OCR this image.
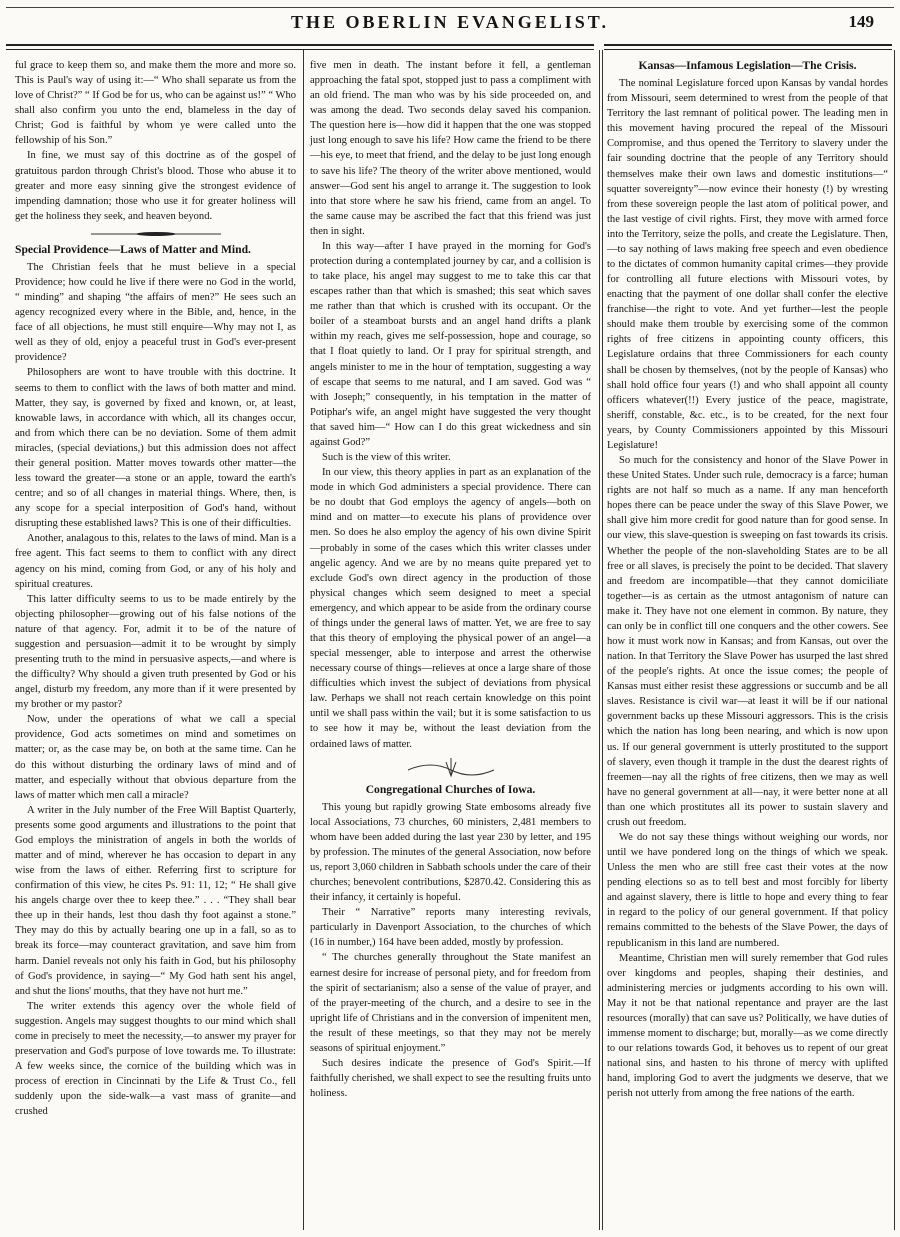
THE OBERLIN EVANGELIST.	149

ful grace to keep them so, and make them the more and more so. This is Paul's way of using it:—“ Who shall separate us from the love of Christ?” “ If God be for us, who can be against us!” “ Who shall also confirm you unto the end, blameless in the day of Christ; God is faithful by whom ye were called unto the fellowship of his Son.”

In fine, we must say of this doctrine as of the gospel of gratuitous pardon through Christ's blood. Those who abuse it to greater and more easy sinning give the strongest evidence of impending damnation; those who use it for greater holiness will get the holiness they seek, and heaven beyond.

Special Providence—Laws of Matter and Mind.

The Christian feels that he must believe in a special Providence; how could he live if there were no God in the world, “ minding” and shaping “the affairs of men?” He sees such an agency recognized every where in the Bible, and, hence, in the face of all objections, he must still enquire—Why may not I, as well as they of old, enjoy a peaceful trust in God's ever-present providence?

Philosophers are wont to have trouble with this doctrine. It seems to them to conflict with the laws of both matter and mind. Matter, they say, is governed by fixed and known, or, at least, knowable laws, in accordance with which, all its changes occur, and from which there can be no deviation. Some of them admit miracles, (special deviations,) but this admission does not affect their general position. Matter moves towards other matter—the less toward the greater—a stone or an apple, toward the earth's centre; and so of all changes in material things. Where, then, is any scope for a special interposition of God's hand, without disrupting these established laws? This is one of their difficulties.

Another, analagous to this, relates to the laws of mind. Man is a free agent. This fact seems to them to conflict with any direct agency on his mind, coming from God, or any of his holy and spiritual creatures.

This latter difficulty seems to us to be made entirely by the objecting philosopher—growing out of his false notions of the nature of that agency. For, admit it to be of the nature of suggestion and persuasion—admit it to be wrought by simply presenting truth to the mind in persuasive aspects,—and where is the difficulty? Why should a given truth presented by God or his angel, disturb my freedom, any more than if it were presented by my brother or my pastor?

Now, under the operations of what we call a special providence, God acts sometimes on mind and sometimes on matter; or, as the case may be, on both at the same time. Can he do this without disturbing the ordinary laws of mind and of matter, and especially without that obvious departure from the laws of matter which men call a miracle?

A writer in the July number of the Free Will Baptist Quarterly, presents some good arguments and illustrations to the point that God employs the ministration of angels in both the worlds of matter and of mind, wherever he has occasion to depart in any wise from the laws of either. Referring first to scripture for confirmation of this view, he cites Ps. 91: 11, 12; “ He shall give his angels charge over thee to keep thee.” . . . “They shall bear thee up in their hands, lest thou dash thy foot against a stone.” They may do this by actually bearing one up in a fall, so as to break its force—may counteract gravitation, and save him from harm. Daniel reveals not only his faith in God, but his philosophy of God's providence, in saying—“ My God hath sent his angel, and shut the lions' mouths, that they have not hurt me.”

The writer extends this agency over the whole field of suggestion. Angels may suggest thoughts to our mind which shall come in precisely to meet the necessity,—to answer my prayer for preservation and God's purpose of love towards me. To illustrate: A few weeks since, the cornice of the building which was in process of erection in Cincinnati by the Life & Trust Co., fell suddenly upon the side-walk—a vast mass of granite—and crushed

five men in death. The instant before it fell, a gentleman approaching the fatal spot, stopped just to pass a compliment with an old friend. The man who was by his side proceeded on, and was among the dead. Two seconds delay saved his companion. The question here is—how did it happen that the one was stopped just long enough to save his life? How came the friend to be there—his eye, to meet that friend, and the delay to be just long enough to save his life? The theory of the writer above mentioned, would answer—God sent his angel to arrange it. The suggestion to look into that store where he saw his friend, came from an angel. To the same cause may be ascribed the fact that this friend was just then in sight.

In this way—after I have prayed in the morning for God's protection during a contemplated journey by car, and a collision is to take place, his angel may suggest to me to take this car that escapes rather than that which is smashed; this seat which saves me rather than that which is crushed with its occupant. Or the boiler of a steamboat bursts and an angel hand drifts a plank within my reach, gives me self-possession, hope and courage, so that I float quietly to land. Or I pray for spiritual strength, and angels minister to me in the hour of temptation, suggesting a way of escape that seems to me natural, and I am saved. God was “ with Joseph;” consequently, in his temptation in the matter of Potiphar's wife, an angel might have suggested the very thought that saved him—“ How can I do this great wickedness and sin against God?”

Such is the view of this writer.

In our view, this theory applies in part as an explanation of the mode in which God administers a special providence. There can be no doubt that God employs the agency of angels—both on mind and on matter—to execute his plans of providence over men. So does he also employ the agency of his own divine Spirit—probably in some of the cases which this writer classes under angelic agency. And we are by no means quite prepared yet to exclude God's own direct agency in the production of those physical changes which seem designed to meet a special emergency, and which appear to be aside from the ordinary course of things under the general laws of matter. Yet, we are free to say that this theory of employing the physical power of an angel—a special messenger, able to interpose and arrest the otherwise necessary course of things—relieves at once a large share of those difficulties which invest the subject of deviations from physical law. Perhaps we shall not reach certain knowledge on this point until we shall pass within the vail; but it is some satisfaction to us to see how it may be, without the least deviation from the ordained laws of matter.

Congregational Churches of Iowa.

This young but rapidly growing State embosoms already five local Associations, 73 churches, 60 ministers, 2,481 members to whom have been added during the last year 230 by letter, and 195 by profession. The minutes of the general Association, now before us, report 3,060 children in Sabbath schools under the care of their churches; benevolent contributions, $2870.42. Considering this as their infancy, it certainly is hopeful.

Their “ Narrative” reports many interesting revivals, particularly in Davenport Association, to the churches of which (16 in number,) 164 have been added, mostly by profession.

“ The churches generally throughout the State manifest an earnest desire for increase of personal piety, and for freedom from the spirit of sectarianism; also a sense of the value of prayer, and of the prayer-meeting of the church, and a desire to see in the upright life of Christians and in the conversion of impenitent men, the result of these meetings, so that they may not be merely seasons of spiritual enjoyment.”

Such desires indicate the presence of God's Spirit.—If faithfully cherished, we shall expect to see the resulting fruits unto holiness.

Kansas—Infamous Legislation—The Crisis.

The nominal Legislature forced upon Kansas by vandal hordes from Missouri, seem determined to wrest from the people of that Territory the last remnant of political power. The leading men in this movement having procured the repeal of the Missouri Compromise, and thus opened the Territory to slavery under the fair sounding doctrine that the people of any Territory should themselves make their own laws and domestic institutions—“ squatter sovereignty”—now evince their honesty (!) by wresting from these sovereign people the last atom of political power, and the last vestige of civil rights. First, they move with armed force into the Territory, seize the polls, and create the Legislature. Then, —to say nothing of laws making free speech and even obedience to the dictates of common humanity capital crimes—they provide for controlling all future elections with Missouri votes, by enacting that the payment of one dollar shall confer the elective franchise—the right to vote. And yet further—lest the people should make them trouble by exercising some of the common rights of free citizens in appointing county officers, this Legislature ordains that three Commissioners for each county shall be chosen by themselves, (not by the people of Kansas) who shall hold office four years (!) and who shall appoint all county officers whatever(!!) Every justice of the peace, magistrate, sheriff, constable, &c. etc., is to be created, for the next four years, by County Commissioners appointed by this Missouri Legislature!

So much for the consistency and honor of the Slave Power in these United States. Under such rule, democracy is a farce; human rights are not half so much as a name. If any man henceforth hopes there can be peace under the sway of this Slave Power, we shall give him more credit for good nature than for good sense. In our view, this slave-question is sweeping on fast towards its crisis. Whether the people of the non-slaveholding States are to be all free or all slaves, is precisely the point to be decided. That slavery and freedom are incompatible—that they cannot domiciliate together—is as certain as the utmost antagonism of nature can make it. They have not one element in common. By nature, they can only be in conflict till one conquers and the other cowers. See how it must work now in Kansas; and from Kansas, out over the nation. In that Territory the Slave Power has usurped the last shred of the people's rights. At once the issue comes; the people of Kansas must either resist these aggressions or succumb and be all slaves. Resistance is civil war—at least it will be if our national government backs up these Missouri aggressors. This is the crisis which the nation has long been nearing, and which is now upon us. If our general government is utterly prostituted to the support of slavery, even though it trample in the dust the dearest rights of freemen—nay all the rights of free citizens, then we may as well have no general government at all—nay, it were better none at all than one which prostitutes all its power to sustain slavery and crush out freedom.

We do not say these things without weighing our words, nor until we have pondered long on the things of which we speak. Unless the men who are still free cast their votes at the now pending elections so as to tell best and most forcibly for liberty and against slavery, there is little to hope and every thing to fear in regard to the policy of our general government. If that policy remains committed to the behests of the Slave Power, the days of republicanism in this land are numbered.

Meantime, Christian men will surely remember that God rules over kingdoms and peoples, shaping their destinies, and administering mercies or judgments according to his own will. May it not be that national repentance and prayer are the last resources (morally) that can save us? Politically, we have duties of immense moment to discharge; but, morally—as we come directly to our relations towards God, it behoves us to repent of our great national sins, and hasten to his throne of mercy with uplifted hand, imploring God to avert the judgments we deserve, that we perish not utterly from among the free nations of the earth.
